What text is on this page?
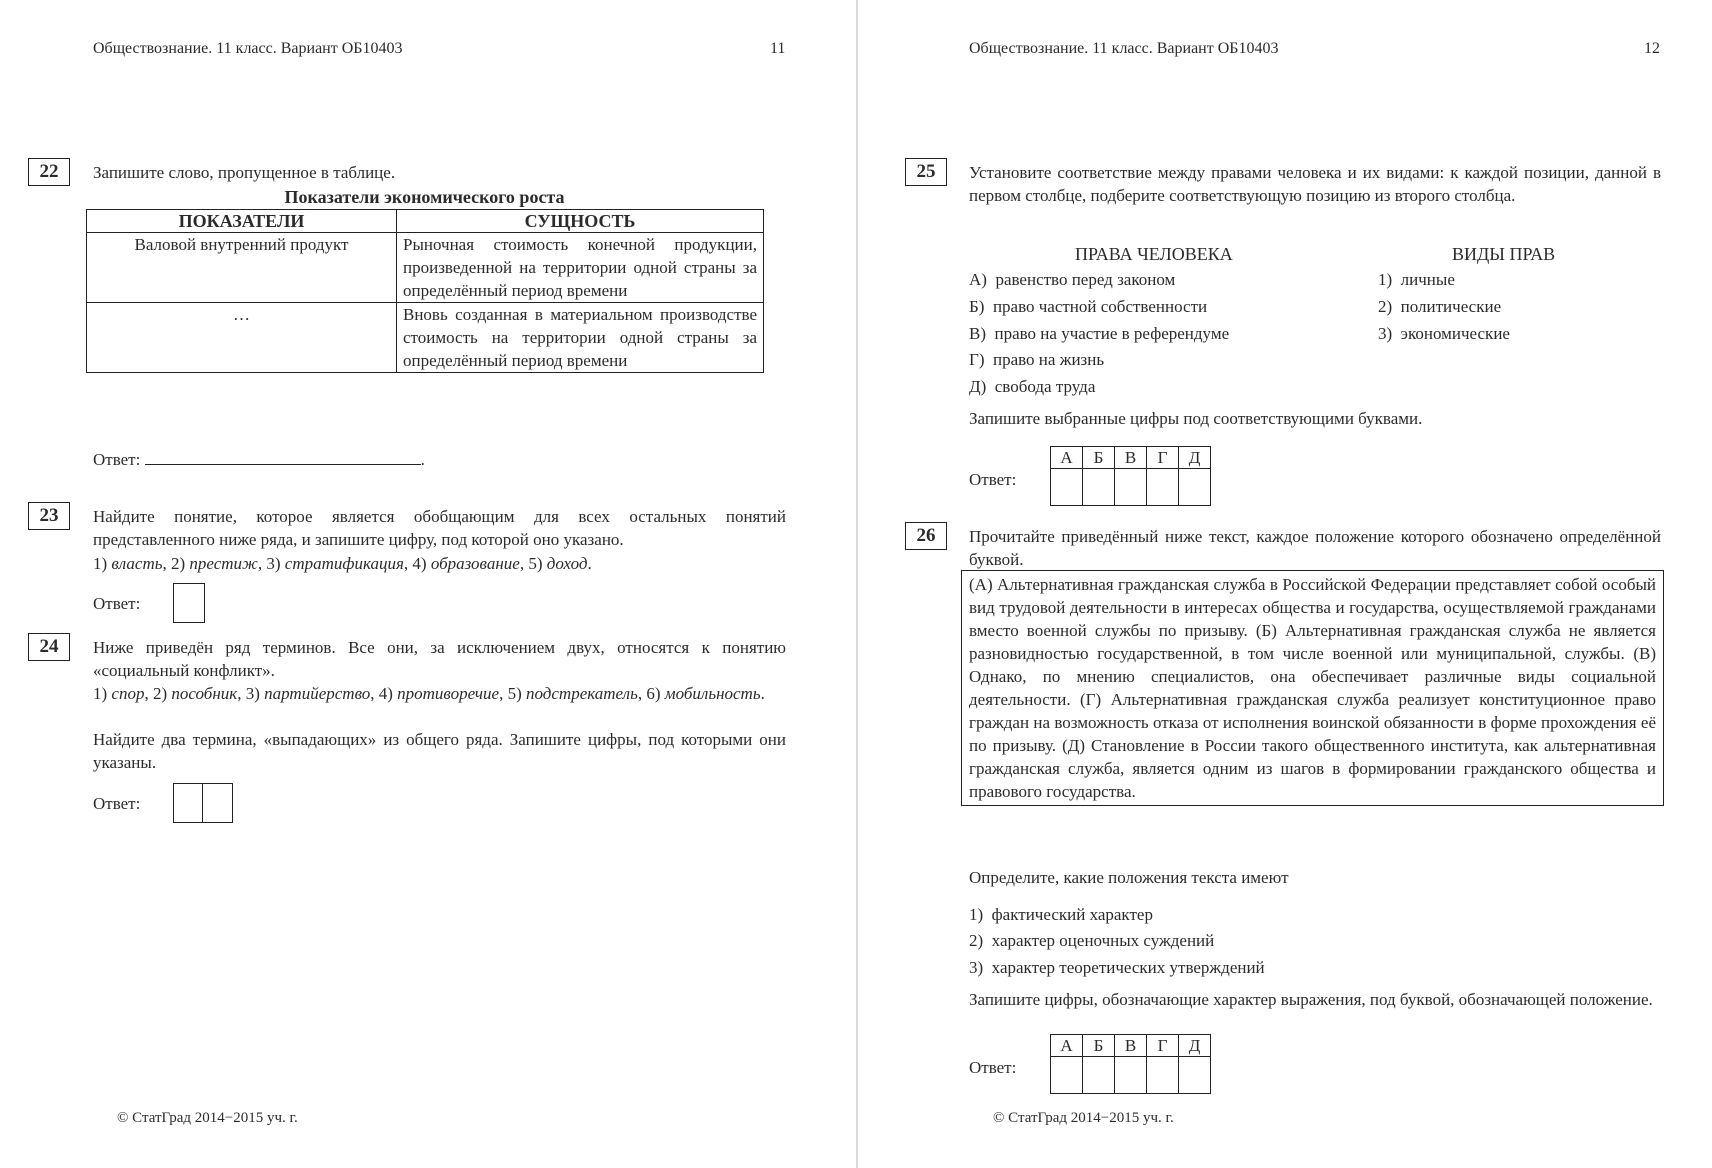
Обществознание. 11 класс. Вариант ОБ10403	11
22	Запишите слово, пропущенное в таблице.
Показатели экономического роста
ПОКАЗАТЕЛИ	СУЩНОСТЬ
Валовой внутренний продукт	Рыночная стоимость конечной продукции, произведенной на территории одной страны за определённый период времени
…	Вновь созданная в материальном производстве стоимость на территории одной страны за определённый период времени
Ответ:	.
23	Найдите понятие, которое является обобщающим для всех остальных понятий представленного ниже ряда, и запишите цифру, под которой оно указано.
1) власть, 2) престиж, 3) стратификация, 4) образование, 5) доход.
Ответ:
24	Ниже приведён ряд терминов. Все они, за исключением двух, относятся к понятию «социальный конфликт».
1) спор, 2) пособник, 3) партийерство, 4) противоречие, 5) подстрекатель, 6) мобильность.
Найдите два термина, «выпадающих» из общего ряда. Запишите цифры, под которыми они указаны.
Ответ:
© СтатГрад 2014−2015 уч. г.
Обществознание. 11 класс. Вариант ОБ10403	12
25	Установите соответствие между правами человека и их видами: к каждой позиции, данной в первом столбце, подберите соответствующую позицию из второго столбца.
ПРАВА ЧЕЛОВЕКА	ВИДЫ ПРАВ
А) равенство перед законом
Б) право частной собственности
В) право на участие в референдуме
Г) право на жизнь
Д) свобода труда
1) личные
2) политические
3) экономические
Запишите выбранные цифры под соответствующими буквами.
Ответ:
А	Б	В	Г	Д

26	Прочитайте приведённый ниже текст, каждое положение которого обозначено определённой буквой.
(А) Альтернативная гражданская служба в Российской Федерации представляет собой особый вид трудовой деятельности в интересах общества и государства, осуществляемой гражданами вместо военной службы по призыву. (Б) Альтернативная гражданская служба не является разновидностью государственной, в том числе военной или муниципальной, службы. (В) Однако, по мнению специалистов, она обеспечивает различные виды социальной деятельности. (Г) Альтернативная гражданская служба реализует конституционное право граждан на возможность отказа от исполнения воинской обязанности в форме прохождения её по призыву. (Д) Становление в России такого общественного института, как альтернативная гражданская служба, является одним из шагов в формировании гражданского общества и правового государства.
Определите, какие положения текста имеют
1) фактический характер
2) характер оценочных суждений
3) характер теоретических утверждений
Запишите цифры, обозначающие характер выражения, под буквой, обозначающей положение.
Ответ:
А	Б	В	Г	Д

© СтатГрад 2014−2015 уч. г.
